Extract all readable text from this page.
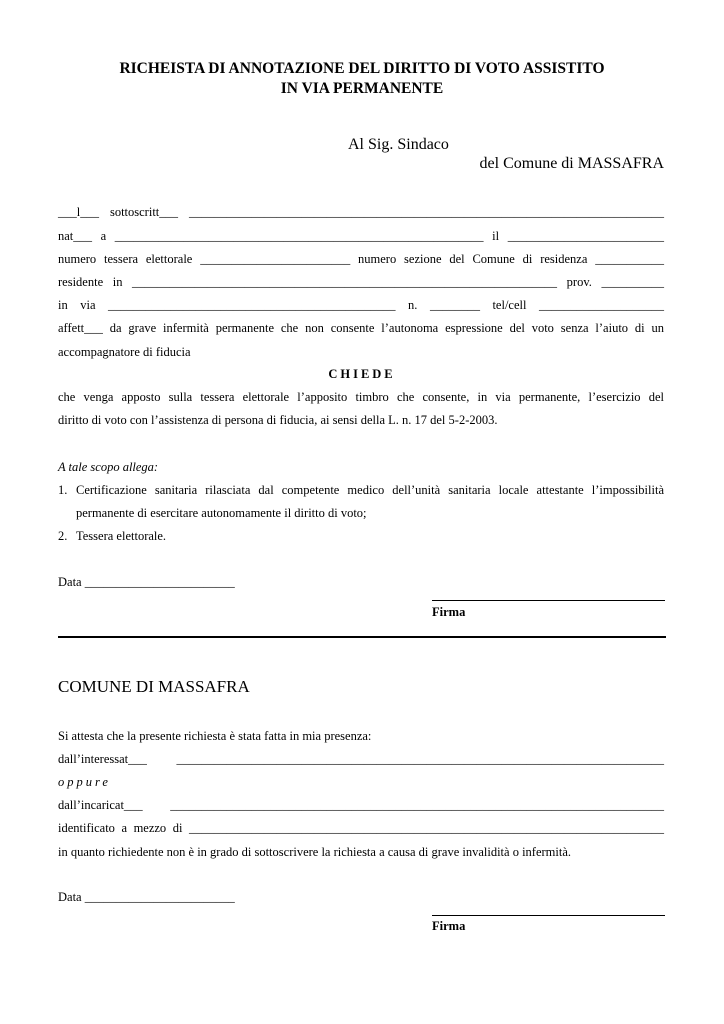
RICHEISTA DI ANNOTAZIONE DEL DIRITTO DI VOTO ASSISTITO
IN VIA PERMANENTE
Al Sig. Sindaco
del Comune di MASSAFRA
___l___ sottoscritt___ ____________________________________________________________________________
nat___ a ___________________________________________________________ il _________________________
numero tessera elettorale ________________________ numero sezione del Comune di residenza ___________
residente in ____________________________________________________________________ prov. __________
in via ______________________________________________ n. ________ tel/cell ____________________
affett___ da grave infermità permanente che non consente l’autonoma espressione del voto senza l’aiuto di un
accompagnatore di fiducia
CHIEDE
che venga apposto sulla tessera elettorale l’apposito timbro che consente, in via permanente, l’esercizio del
diritto di voto con l’assistenza di persona di fiducia, ai sensi della L. n. 17 del 5-2-2003.
A tale scopo allega:
1. Certificazione sanitaria rilasciata dal competente medico dell’unità sanitaria locale attestante l’impossibilità
permanente di esercitare autonomamente il diritto di voto;
2. Tessera elettorale.
Data ________________________
Firma
COMUNE DI MASSAFRA
Si attesta che la presente richiesta è stata fatta in mia presenza:
dall’interessat___ ______________________________________________________________________________
oppure
dall’incaricat___ _______________________________________________________________________________
identificato a mezzo di ____________________________________________________________________________
in quanto richiedente non è in grado di sottoscrivere la richiesta a causa di grave invalidità o infermità.
Data ________________________
Firma
